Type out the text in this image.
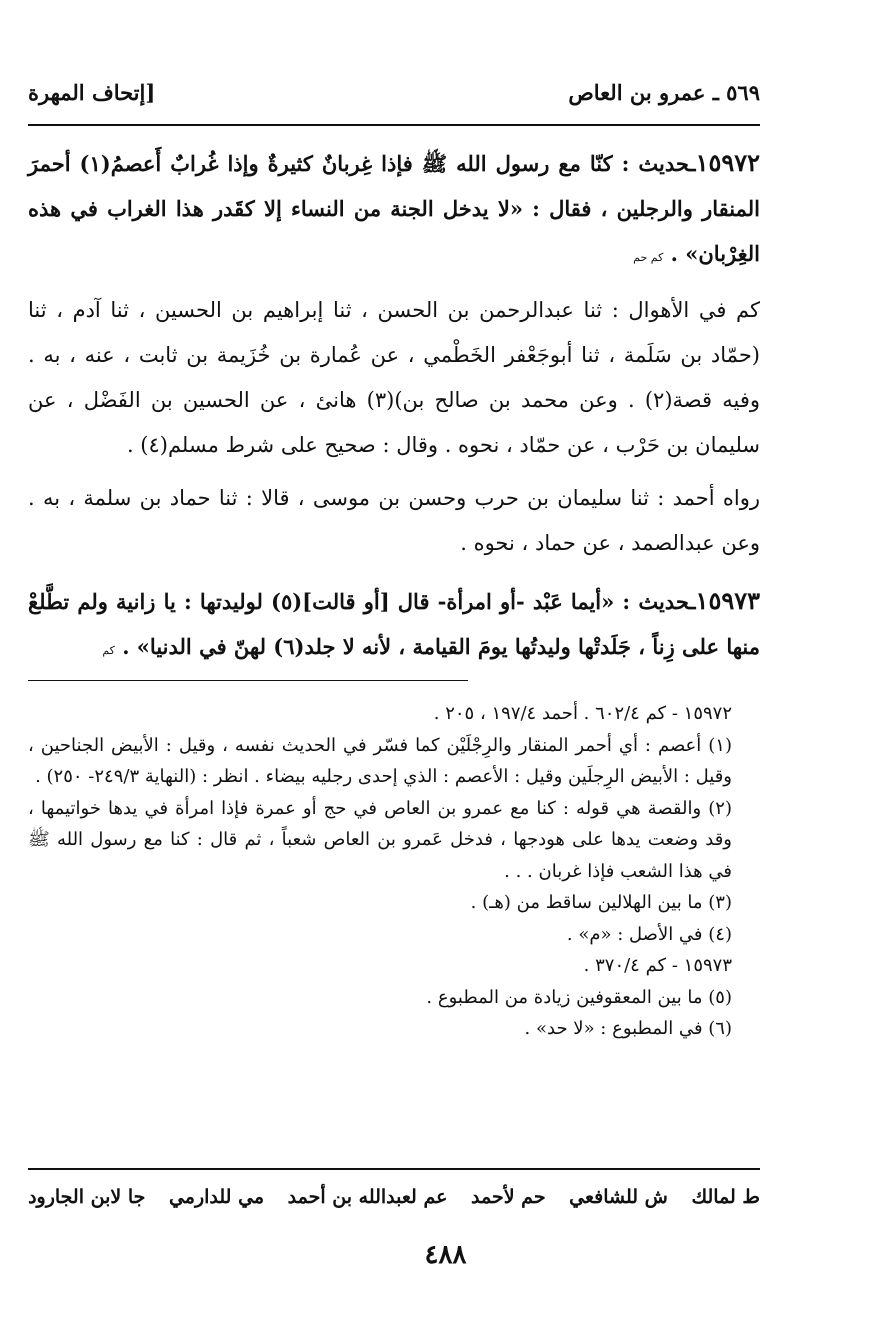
٥٦٩ ـ عمرو بن العاص
[إتحاف المهرة

١٥٩٧٢ـحديث : كنّا مع رسول الله ﷺ فإذا غِربانٌ كثيرةٌ وإذا غُرابٌ أَعصمُ(١) أحمرَ المنقار والرجلين ، فقال : «لا يدخل الجنة من النساء إلا كقَدر هذا الغراب في هذه الغِرْبان» . كم حم

كم في الأهوال : ثنا عبدالرحمن بن الحسن ، ثنا إبراهيم بن الحسين ، ثنا آدم ، ثنا (حمّاد بن سَلَمة ، ثنا أبوجَعْفر الخَطْمي ، عن عُمارة بن خُزَيمة بن ثابت ، عنه ، به . وفيه قصة(٢) . وعن محمد بن صالح بن)(٣) هانئ ، عن الحسين بن الفَضْل ، عن سليمان بن حَرْب ، عن حمّاد ، نحوه . وقال : صحيح على شرط مسلم(٤) .

رواه أحمد : ثنا سليمان بن حرب وحسن بن موسى ، قالا : ثنا حماد بن سلمة ، به . وعن عبدالصمد ، عن حماد ، نحوه .

١٥٩٧٣ـحديث : «أيما عَبْد -أو امرأة- قال [أو قالت](٥) لوليدتها : يا زانية ولم تطَّلعْ منها على زِناً ، جَلَدتْها وليدتُها يومَ القيامة ، لأنه لا جلد(٦) لهنّ في الدنيا» . كم

١٥٩٧٢ - كم ٦٠٢/٤ . أحمد ١٩٧/٤ ، ٢٠٥ .

(١) أعصم : أي أحمر المنقار والرِجْلَيْن كما فسّر في الحديث نفسه ، وقيل : الأبيض الجناحين ، وقيل : الأبيض الرِجلَين وقيل : الأعصم : الذي إحدى رجليه بيضاء . انظر : (النهاية ٢٤٩/٣- ٢٥٠) .

(٢) والقصة هي قوله : كنا مع عمرو بن العاص في حج أو عمرة فإذا امرأة في يدها خواتيمها ، وقد وضعت يدها على هودجها ، فدخل عَمرو بن العاص شعباً ، ثم قال : كنا مع رسول الله ﷺ في هذا الشعب فإذا غربان . . .

(٣) ما بين الهلالين ساقط من (هـ) .

(٤) في الأصل : «م» .

١٥٩٧٣ - كم ٣٧٠/٤ .

(٥) ما بين المعقوفين زيادة من المطبوع .

(٦) في المطبوع : «لا حد» .

ط لمالك
ش للشافعي
حم لأحمد
عم لعبدالله بن أحمد
مي للدارمي
جا لابن الجارود
٤٨٨
